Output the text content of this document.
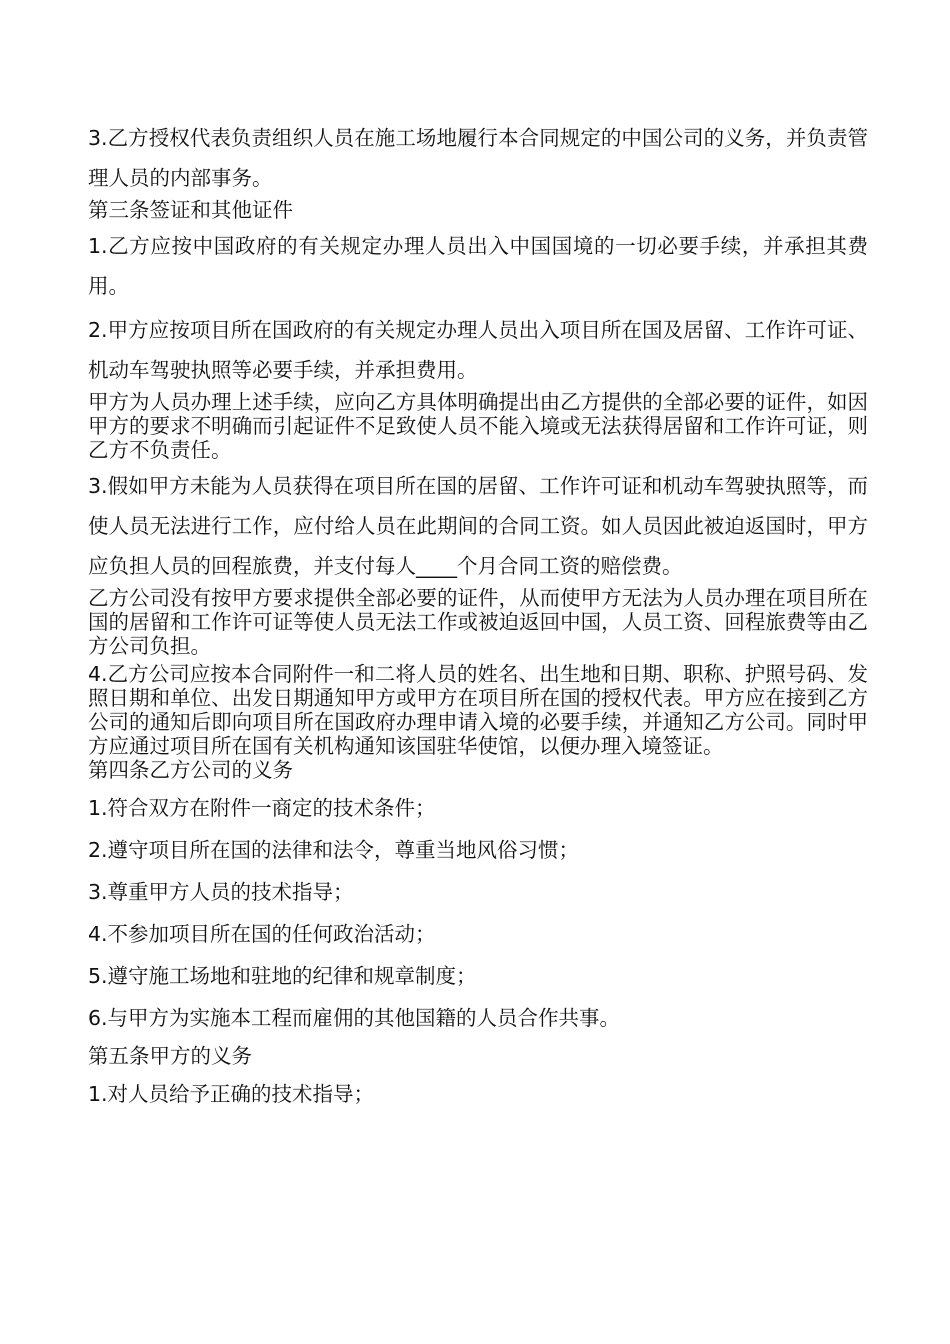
3.乙方授权代表负责组织人员在施工场地履行本合同规定的中国公司的义务，并负责管理人员的内部事务。

第三条签证和其他证件

1.乙方应按中国政府的有关规定办理人员出入中国国境的一切必要手续，并承担其费用。

2.甲方应按项目所在国政府的有关规定办理人员出入项目所在国及居留、工作许可证、机动车驾驶执照等必要手续，并承担费用。

甲方为人员办理上述手续，应向乙方具体明确提出由乙方提供的全部必要的证件，如因甲方的要求不明确而引起证件不足致使人员不能入境或无法获得居留和工作许可证，则乙方不负责任。

3.假如甲方未能为人员获得在项目所在国的居留、工作许可证和机动车驾驶执照等，而使人员无法进行工作，应付给人员在此期间的合同工资。如人员因此被迫返国时，甲方应负担人员的回程旅费，并支付每人____个月合同工资的赔偿费。

乙方公司没有按甲方要求提供全部必要的证件，从而使甲方无法为人员办理在项目所在国的居留和工作许可证等使人员无法工作或被迫返回中国，人员工资、回程旅费等由乙方公司负担。

4.乙方公司应按本合同附件一和二将人员的姓名、出生地和日期、职称、护照号码、发照日期和单位、出发日期通知甲方或甲方在项目所在国的授权代表。甲方应在接到乙方公司的通知后即向项目所在国政府办理申请入境的必要手续，并通知乙方公司。同时甲方应通过项目所在国有关机构通知该国驻华使馆，以便办理入境签证。

第四条乙方公司的义务

1.符合双方在附件一商定的技术条件；

2.遵守项目所在国的法律和法令，尊重当地风俗习惯；

3.尊重甲方人员的技术指导；

4.不参加项目所在国的任何政治活动；

5.遵守施工场地和驻地的纪律和规章制度；

6.与甲方为实施本工程而雇佣的其他国籍的人员合作共事。

第五条甲方的义务

1.对人员给予正确的技术指导；
